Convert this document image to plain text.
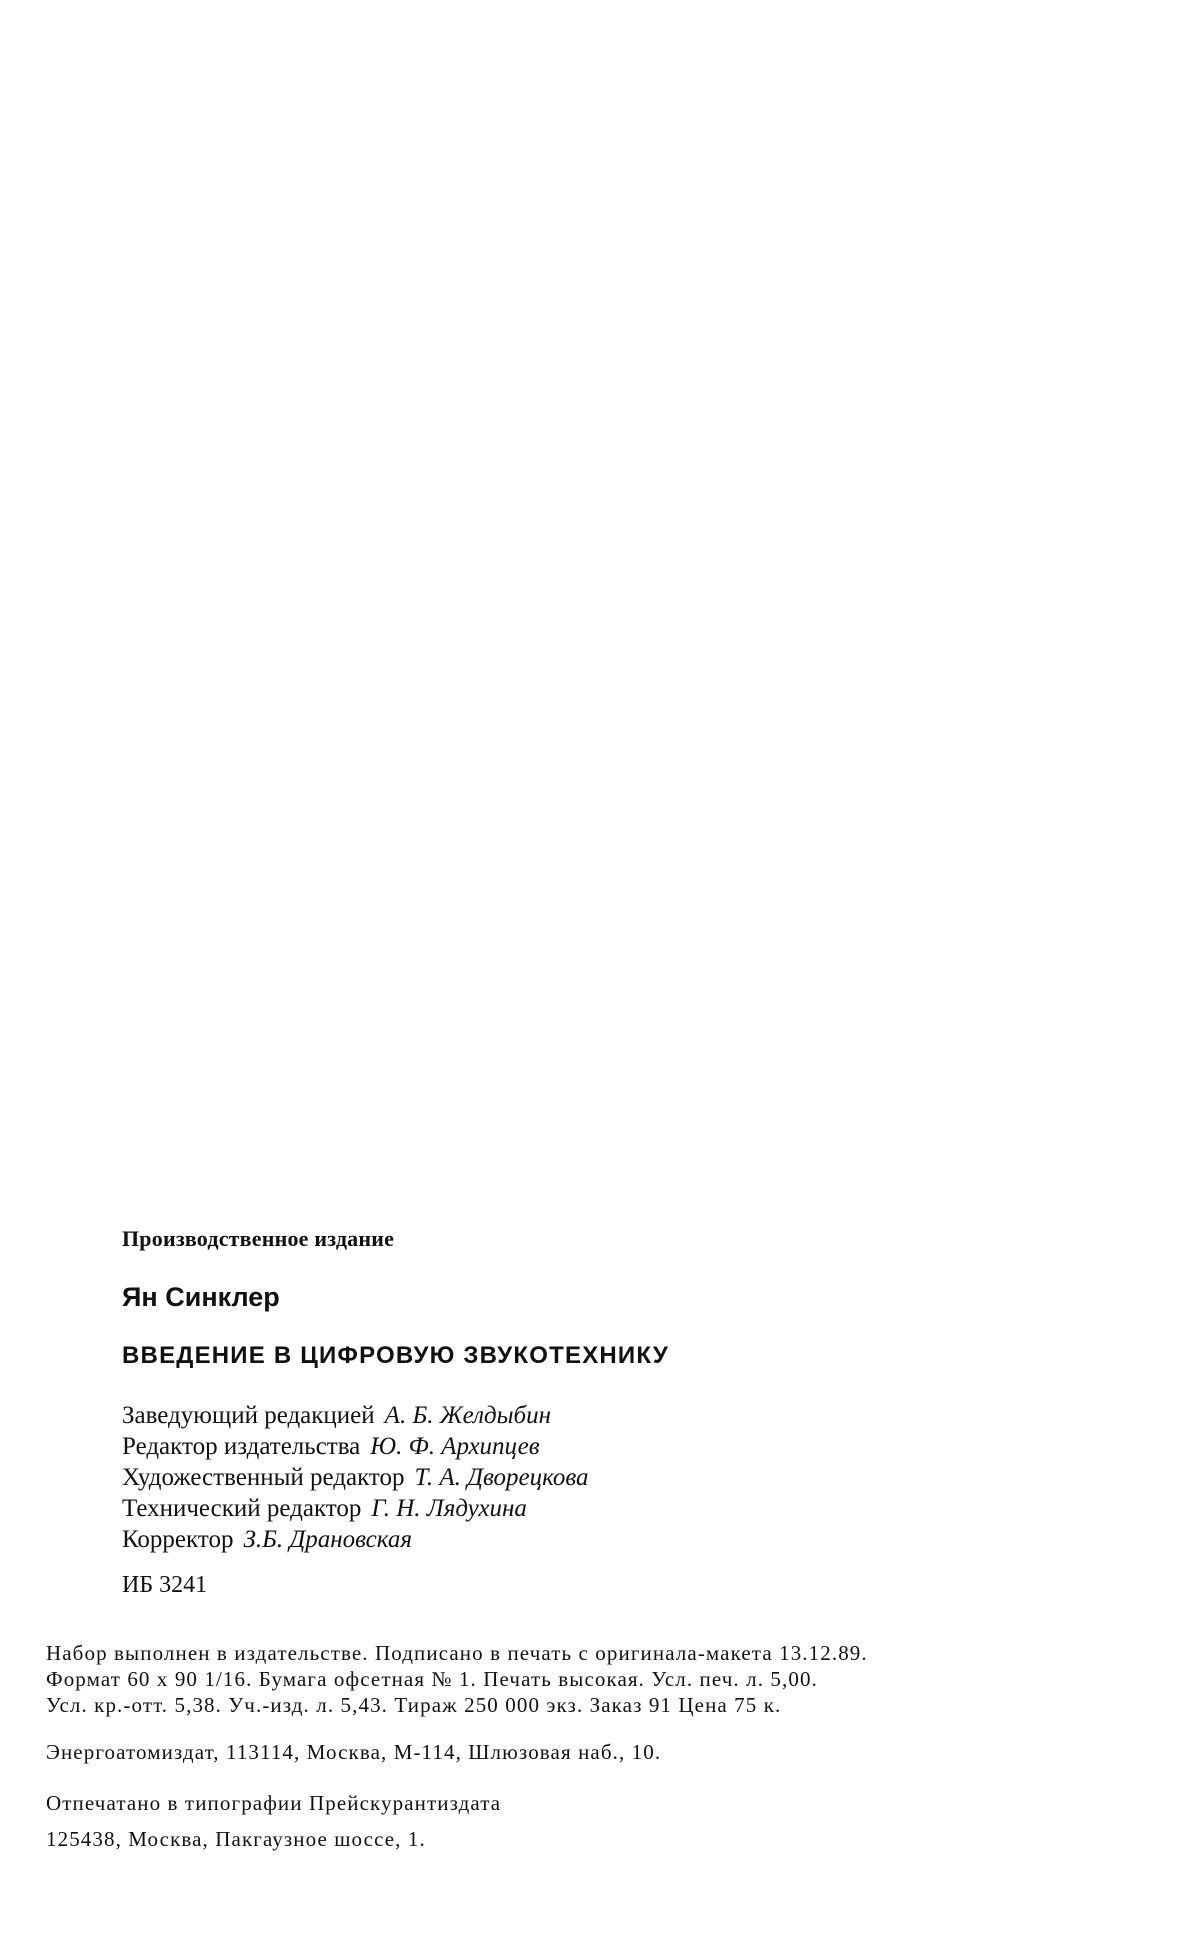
Производственное издание
Ян Синклер
ВВЕДЕНИЕ В ЦИФРОВУЮ ЗВУКОТЕХНИКУ
Заведующий редакцией А. Б. Желдыбин
Редактор издательства Ю. Ф. Архипцев
Художественный редактор Т. А. Дворецкова
Технический редактор Г. Н. Лядухина
Корректор З.Б. Драновская
ИБ 3241
Набор выполнен в издательстве. Подписано в печать с оригинала-макета 13.12.89.
Формат 60 x 90 1/16. Бумага офсетная № 1. Печать высокая. Усл. печ. л. 5,00.
Усл. кр.-отт. 5,38. Уч.-изд. л. 5,43. Тираж 250 000 экз. Заказ 91 Цена 75 к.
Энергоатомиздат, 113114, Москва, М-114, Шлюзовая наб., 10.
Отпечатано в типографии Прейскурантиздата
125438, Москва, Пакгаузное шоссе, 1.
